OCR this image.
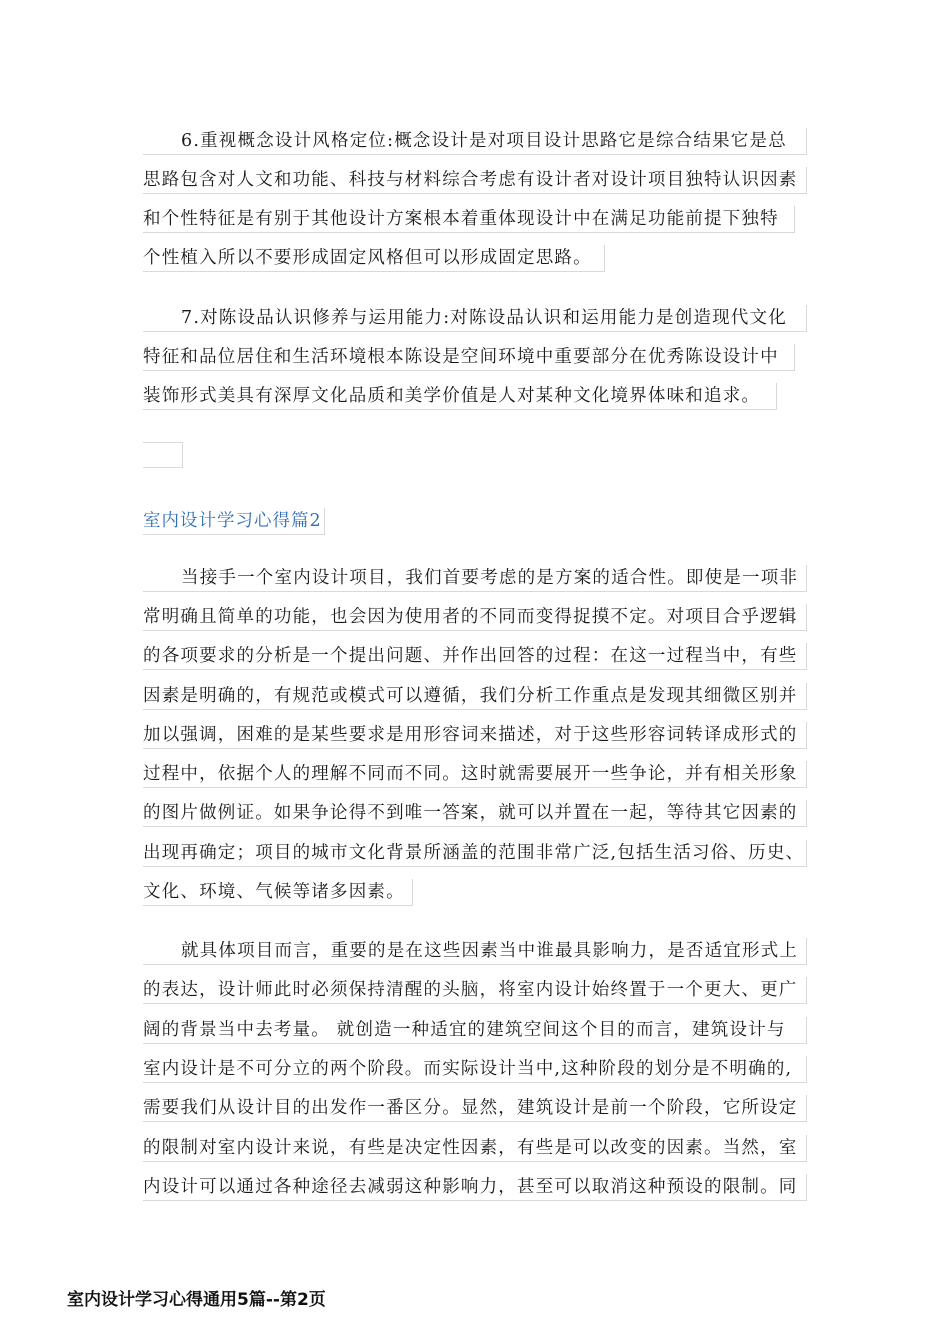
6.重视概念设计风格定位:概念设计是对项目设计思路它是综合结果它是总
思路包含对人文和功能、科技与材料综合考虑有设计者对设计项目独特认识因素
和个性特征是有别于其他设计方案根本着重体现设计中在满足功能前提下独特
个性植入所以不要形成固定风格但可以形成固定思路。
7.对陈设品认识修养与运用能力:对陈设品认识和运用能力是创造现代文化
特征和品位居住和生活环境根本陈设是空间环境中重要部分在优秀陈设设计中
装饰形式美具有深厚文化品质和美学价值是人对某种文化境界体味和追求。
室内设计学习心得篇2
当接手一个室内设计项目，我们首要考虑的是方案的适合性。即使是一项非
常明确且简单的功能，也会因为使用者的不同而变得捉摸不定。对项目合乎逻辑
的各项要求的分析是一个提出问题、并作出回答的过程：在这一过程当中，有些
因素是明确的，有规范或模式可以遵循，我们分析工作重点是发现其细微区别并
加以强调，困难的是某些要求是用形容词来描述，对于这些形容词转译成形式的
过程中，依据个人的理解不同而不同。这时就需要展开一些争论，并有相关形象
的图片做例证。如果争论得不到唯一答案，就可以并置在一起，等待其它因素的
出现再确定；项目的城市文化背景所涵盖的范围非常广泛,包括生活习俗、历史、
文化、环境、气候等诸多因素。
就具体项目而言，重要的是在这些因素当中谁最具影响力，是否适宜形式上
的表达，设计师此时必须保持清醒的头脑，将室内设计始终置于一个更大、更广
阔的背景当中去考量。 就创造一种适宜的建筑空间这个目的而言，建筑设计与
室内设计是不可分立的两个阶段。而实际设计当中,这种阶段的划分是不明确的,
需要我们从设计目的出发作一番区分。显然，建筑设计是前一个阶段，它所设定
的限制对室内设计来说，有些是决定性因素，有些是可以改变的因素。当然，室
内设计可以通过各种途径去减弱这种影响力，甚至可以取消这种预设的限制。同
室内设计学习心得通用5篇--第2页
